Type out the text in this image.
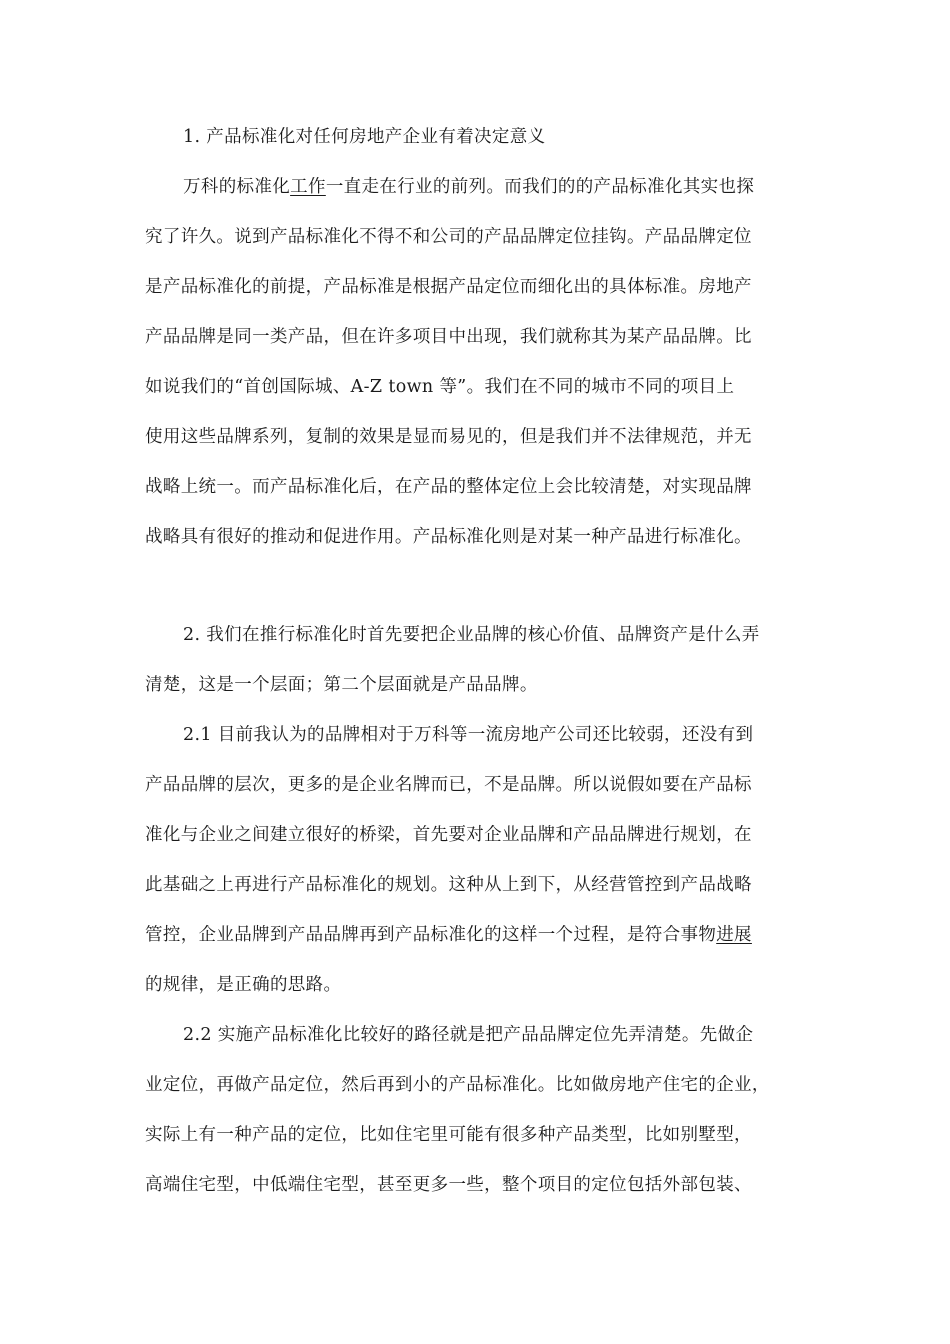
1. 产品标准化对任何房地产企业有着决定意义
万科的标准化工作一直走在行业的前列。而我们的的产品标准化其实也探
究了许久。说到产品标准化不得不和公司的产品品牌定位挂钩。产品品牌定位
是产品标准化的前提，产品标准是根据产品定位而细化出的具体标准。房地产
产品品牌是同一类产品，但在许多项目中出现，我们就称其为某产品品牌。比
如说我们的“首创国际城、A-Z town 等”。我们在不同的城市不同的项目上
使用这些品牌系列，复制的效果是显而易见的，但是我们并不法律规范，并无
战略上统一。而产品标准化后，在产品的整体定位上会比较清楚，对实现品牌
战略具有很好的推动和促进作用。产品标准化则是对某一种产品进行标准化。
2. 我们在推行标准化时首先要把企业品牌的核心价值、品牌资产是什么弄
清楚，这是一个层面；第二个层面就是产品品牌。
2.1 目前我认为的品牌相对于万科等一流房地产公司还比较弱，还没有到
产品品牌的层次，更多的是企业名牌而已，不是品牌。所以说假如要在产品标
准化与企业之间建立很好的桥梁，首先要对企业品牌和产品品牌进行规划，在
此基础之上再进行产品标准化的规划。这种从上到下，从经营管控到产品战略
管控，企业品牌到产品品牌再到产品标准化的这样一个过程，是符合事物进展
的规律，是正确的思路。
2.2 实施产品标准化比较好的路径就是把产品品牌定位先弄清楚。先做企
业定位，再做产品定位，然后再到小的产品标准化。比如做房地产住宅的企业，
实际上有一种产品的定位，比如住宅里可能有很多种产品类型，比如别墅型，
高端住宅型，中低端住宅型，甚至更多一些，整个项目的定位包括外部包装、
